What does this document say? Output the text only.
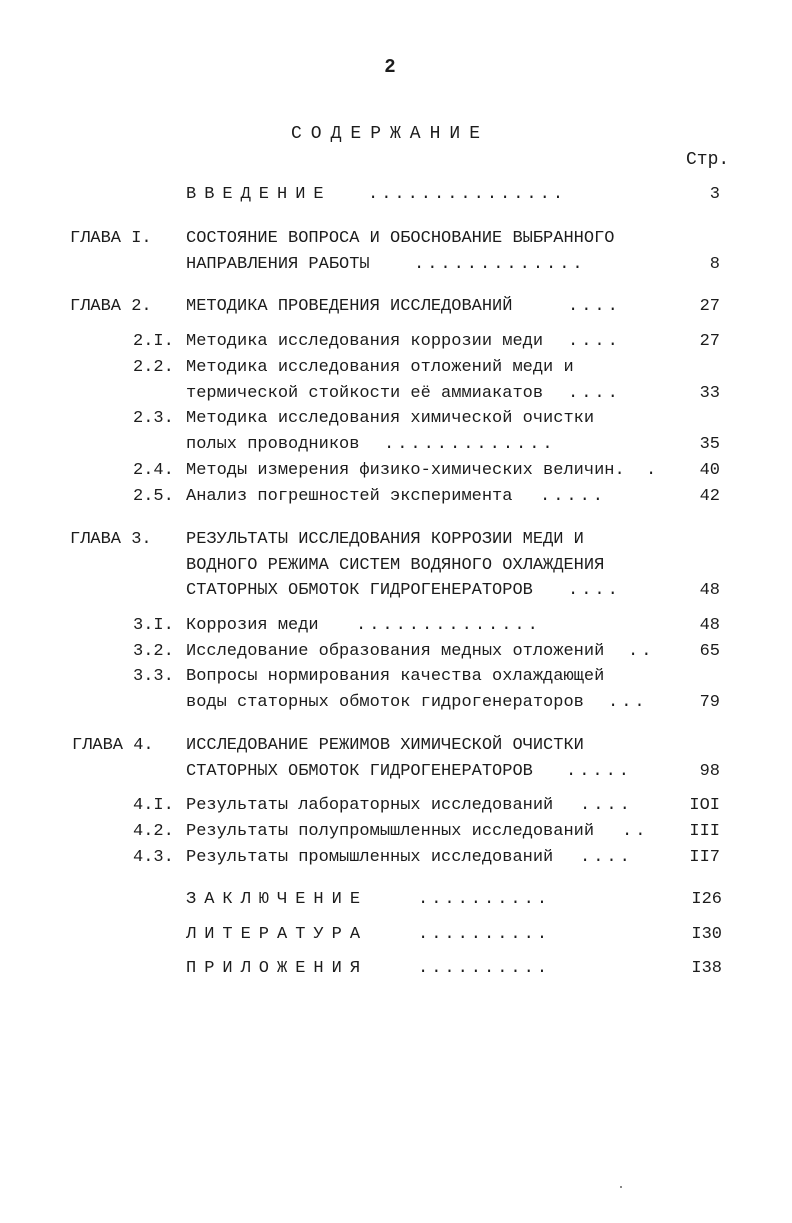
2
СОДЕРЖАНИЕ
Стр.
ВВЕДЕНИЕ ...............	3
ГЛАВА I. СОСТОЯНИЕ ВОПРОСА И ОБОСНОВАНИЕ ВЫБРАННОГО
НАПРАВЛЕНИЯ РАБОТЫ	.............	8
ГЛАВА 2. МЕТОДИКА ПРОВЕДЕНИЯ ИССЛЕДОВАНИЙ	....	27
2.I. Методика исследования коррозии меди ....	27
2.2. Методика исследования отложений меди и
термической стойкости её аммиакатов ....	33
2.3. Методика исследования химической очистки
полых проводников .............	35
2.4. Методы измерения физико-химических величин. .	40
2.5. Анализ погрешностей эксперимента .....	42
ГЛАВА 3. РЕЗУЛЬТАТЫ ИССЛЕДОВАНИЯ КОРРОЗИИ МЕДИ И
ВОДНОГО РЕЖИМА СИСТЕМ ВОДЯНОГО ОХЛАЖДЕНИЯ
СТАТОРНЫХ ОБМОТОК ГИДРОГЕНЕРАТОРОВ ....	48
3.I. Коррозия меди ..............	48
3.2. Исследование образования медных отложений ..	65
3.3. Вопросы нормирования качества охлаждающей
воды статорных обмоток гидрогенераторов ...	79
ГЛАВА 4. ИССЛЕДОВАНИЕ РЕЖИМОВ ХИМИЧЕСКОЙ ОЧИСТКИ
СТАТОРНЫХ ОБМОТОК ГИДРОГЕНЕРАТОРОВ .....	98
4.I. Результаты лабораторных исследований ....	IOI
4.2. Результаты полупромышленных исследований ..	III
4.3. Результаты промышленных исследований ....	II7
ЗАКЛЮЧЕНИЕ	..........	I26
ЛИТЕРАТУРА	..........	I30
ПРИЛОЖЕНИЯ	..........	I38
